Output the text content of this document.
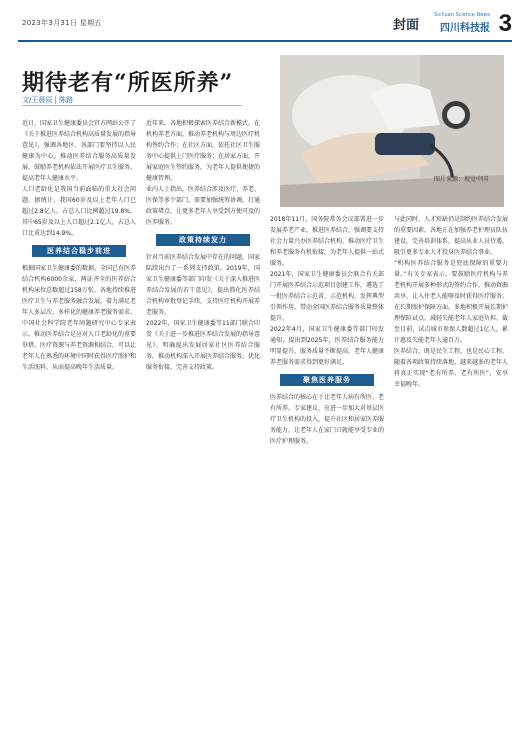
2023年3月31日 星期五	封面
Sichuan Science News
四川科技报 3
期待老有“所医所养”
文/王晨辰 | 陈路
图片来源：视觉中国

近日，国家卫生健康委员会官方网站公开了《关于推进医养结合机构高质量发展的指导意见》，强调各地区、各部门要坚持以人民健康为中心，推动医养结合服务高质量发展，鼓励养老机构依法开展医疗卫生服务，提高老年人健康水平。

人口老龄化是我国当前面临的重大社会问题。据统计，我国60岁及以上老年人口已超过2.8亿人，占总人口比例超过19.8%，其中65岁及以上人口超过2.1亿人，占总人口比重达到14.9%。

医养结合稳步前进

根据国家卫生健康委的数据，全国已有医养结合机构6000余家，两证齐全的医养结合机构床位总数超过158万张。各地持续推进医疗卫生与养老服务融合发展，着力满足老年人多层次、多样化的健康养老服务需求。

中国社会科学院老年问题研究中心专家表示，推动医养结合是应对人口老龄化的重要举措，医疗资源与养老资源相结合，可以让老年人在熟悉的环境中同时获得医疗照护和生活照料，从而提高晚年生活质量。

近年来，各地积极探索医养结合新模式。在机构养老方面，推动养老机构与周边医疗机构签约合作；在社区方面，依托社区卫生服务中心提供上门医疗服务；在居家方面，开展家庭医生签约服务，为老年人提供便捷的健康管理。

业内人士指出，医养结合涉及医疗、养老、医保等多个部门，需要加强统筹协调，打通政策堵点，让更多老年人享受到方便可及的医养服务。

政策持续发力

针对当前医养结合发展中存在的问题，国家陆续出台了一系列支持政策。2019年，国家卫生健康委等部门印发《关于深入推进医养结合发展的若干意见》，提出简化医养结合机构审批登记手续，支持医疗机构开展养老服务。

2022年，国家卫生健康委等11部门联合印发《关于进一步推进医养结合发展的指导意见》，明确提出发展居家社区医养结合服务，推动机构深入开展医养结合服务，优化服务衔接，完善支持政策。

2018年11月，国务院常务会议部署进一步发展养老产业，推进医养结合，强调要支持社会力量兴办医养结合机构，推动医疗卫生和养老服务有机衔接，为老年人提供一站式服务。

2021年，国家卫生健康委员会联合有关部门开展医养结合示范项目创建工作，遴选了一批医养结合示范省、示范机构，发挥典型引领作用，带动全国医养结合服务质量整体提升。

2022年4月，国家卫生健康委等部门印发通知，提出到2025年，医养结合服务能力明显提升，服务质量不断提高，老年人健康养老服务需求得到更好满足。

聚焦医养服务

医养结合的核心在于让老年人病有所医、老有所养。专家建议，应进一步加大对基层医疗卫生机构的投入，提升社区和居家医养服务能力，让老年人在家门口就能享受专业的医疗护理服务。

与此同时，人才短缺仍是制约医养结合发展的重要因素。各地正在加强养老护理员队伍建设，完善培训体系，提高从业人员待遇，吸引更多专业人才投身医养结合事业。

“机构医养结合服务是兜底保障的重要力量。”有关专家表示，要鼓励医疗机构与养老机构开展多种形式的签约合作，推动资源共享，让入住老人能够及时获得医疗服务。

在长期照护保障方面，多地积极开展长期护理保险试点，减轻失能老年人家庭负担。截至目前，试点城市参保人数超过1亿人，累计惠及失能老年人逾百万。

医养结合，既是民生工程，也是民心工程。随着各项政策持续落地，越来越多的老年人将真正实现“老有所养、老有所医”，安享幸福晚年。
